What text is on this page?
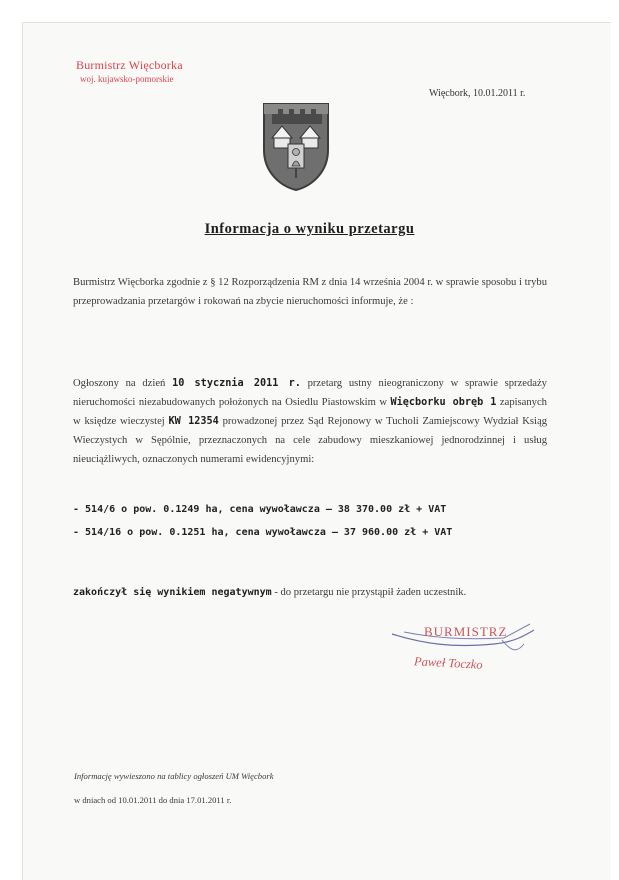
Burmistrz Więcborka
woj. kujawsko-pomorskie
Więcbork, 10.01.2011 r.
Informacja o wyniku przetargu
Burmistrz Więcborka zgodnie z § 12 Rozporządzenia RM z dnia 14 września 2004 r. w sprawie sposobu i trybu przeprowadzania przetargów i rokowań na zbycie nieruchomości informuje, że :
Ogłoszony na dzień 10 stycznia 2011 r. przetarg ustny nieograniczony w sprawie sprzedaży nieruchomości niezabudowanych położonych na Osiedlu Piastowskim w Więcborku obręb 1 zapisanych w księdze wieczystej KW 12354 prowadzonej przez Sąd Rejonowy w Tucholi Zamiejscowy Wydział Ksiąg Wieczystych w Sępólnie, przeznaczonych na cele zabudowy mieszkaniowej jednorodzinnej i usług nieuciążliwych, oznaczonych numerami ewidencyjnymi:
- 514/6 o pow. 0.1249 ha, cena wywoławcza – 38 370.00 zł + VAT
- 514/16 o pow. 0.1251 ha, cena wywoławcza – 37 960.00 zł + VAT
zakończył się wynikiem negatywnym - do przetargu nie przystąpił żaden uczestnik.
BURMISTRZ
Paweł Toczko
Informację wywieszono na tablicy ogłoszeń UM Więcbork
w dniach od 10.01.2011 do dnia 17.01.2011 r.
